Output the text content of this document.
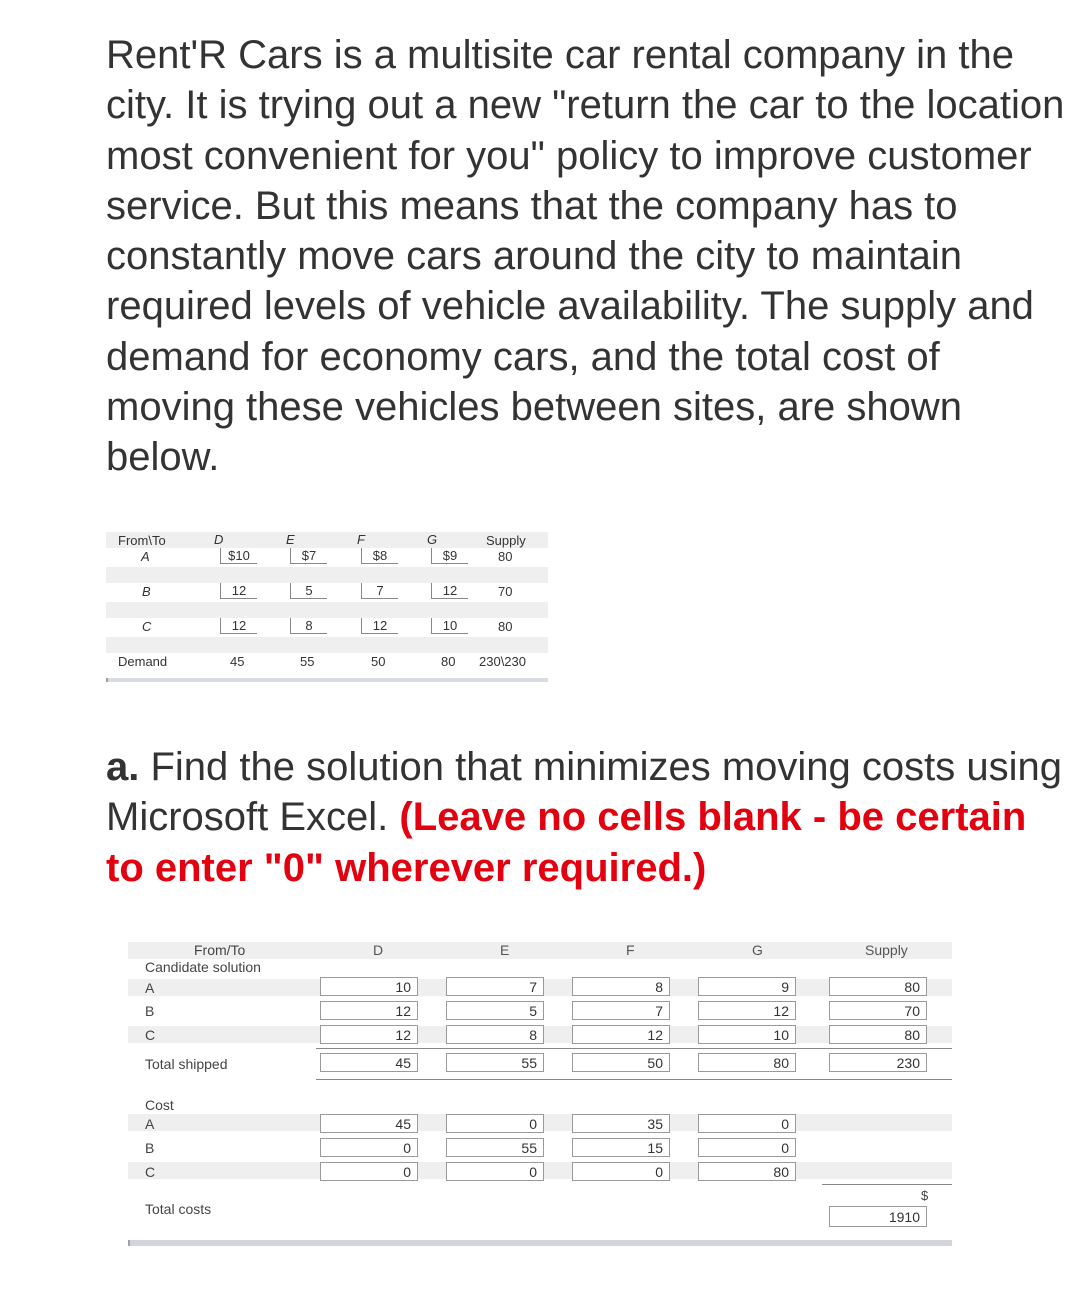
Rent'R Cars is a multisite car rental company in the city. It is trying out a new "return the car to the location most convenient for you" policy to improve customer service. But this means that the company has to constantly move cars around the city to maintain required levels of vehicle availability. The supply and demand for economy cars, and the total cost of moving these vehicles between sites, are shown below.

From\To	D	E	F	G	Supply
A	$10	$7	$8	$9	80
B	12	5	7	12	70
C	12	8	12	10	80
Demand	45	55	50	80 230\230

a. Find the solution that minimizes moving costs using Microsoft Excel. (Leave no cells blank - be certain to enter "0" wherever required.)

From/To	D	E	F	G	Supply
Candidate solution
A	10	7	8	9	80
B	12	5	7	12	70
C	12	8	12	10	80
Total shipped	45	55	50	80	230
Cost
A	45	0	35	0
B	0	55	15	0
C	0	0	0	80
Total costs
$
1910
